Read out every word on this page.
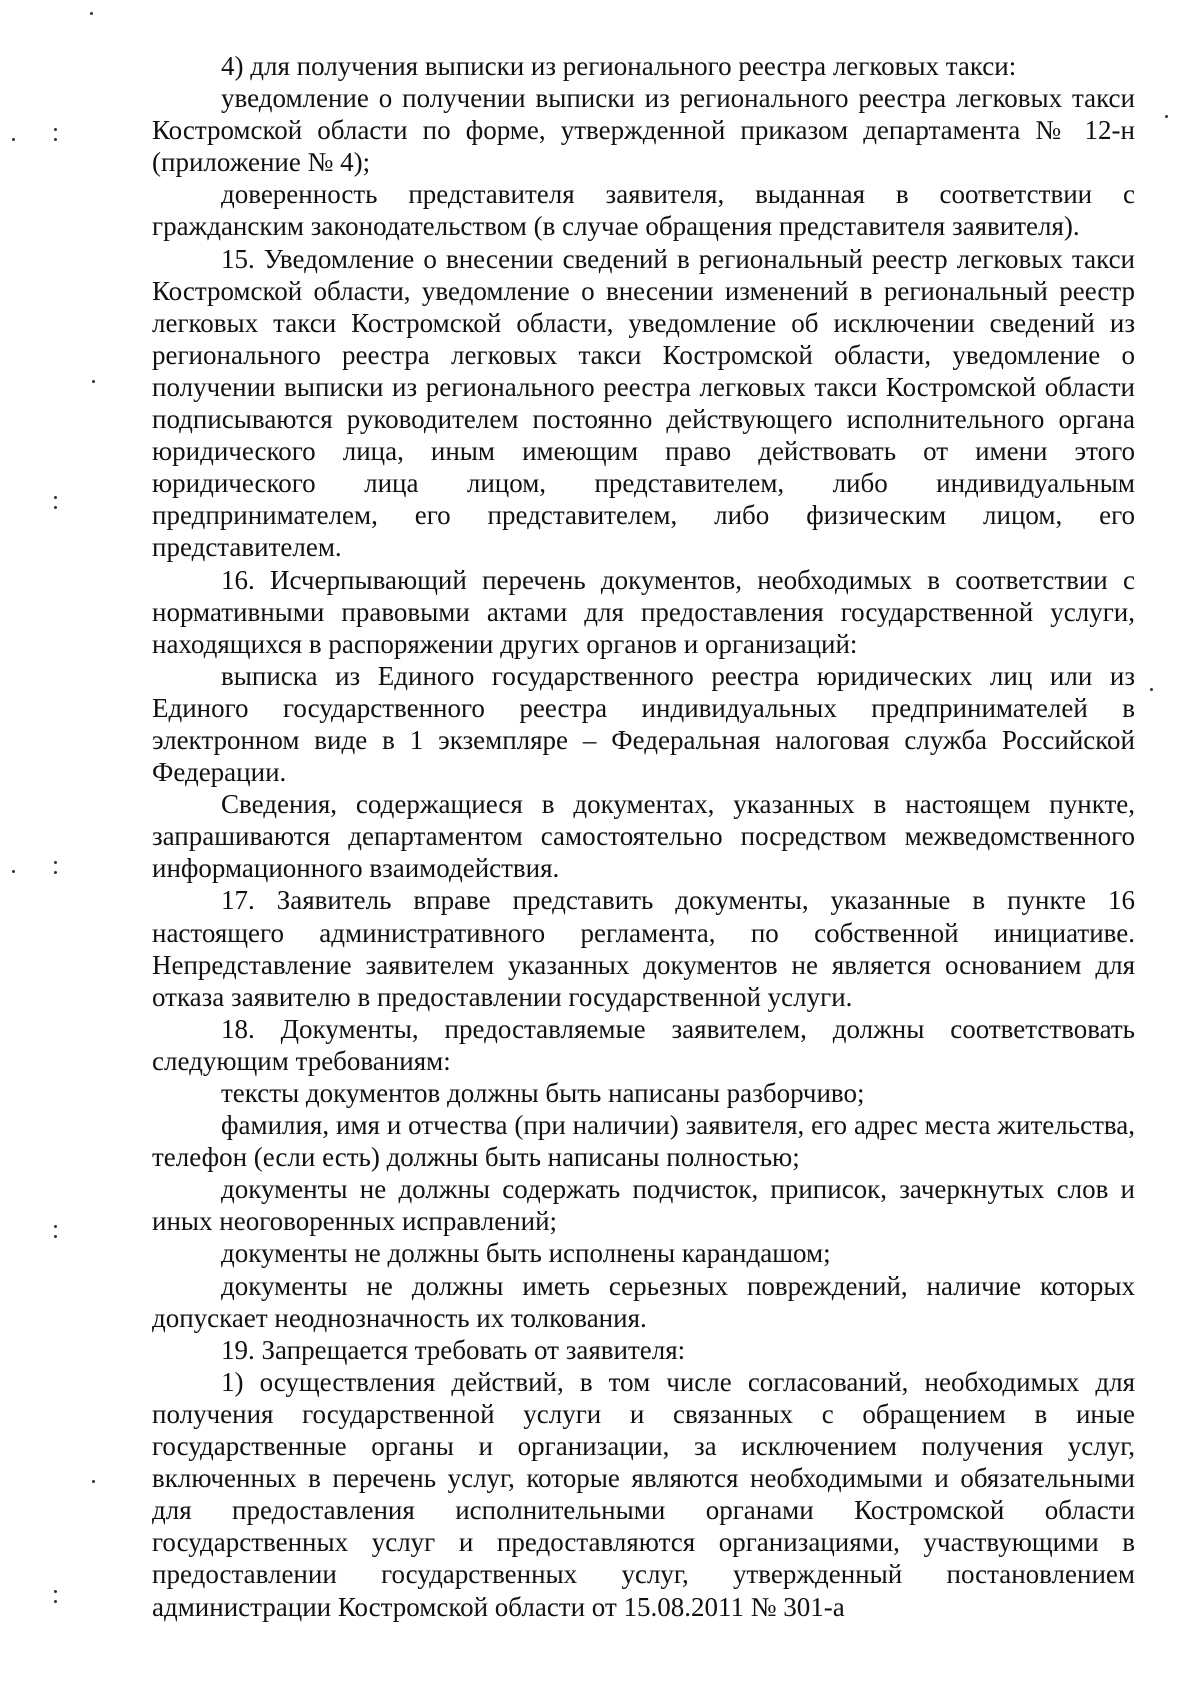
4) для получения выписки из регионального реестра легковых такси:

уведомление о получении выписки из регионального реестра легковых такси Костромской области по форме, утвержденной приказом департамента № 12-н (приложение № 4);

доверенность представителя заявителя, выданная в соответствии с гражданским законодательством (в случае обращения представителя заявителя).

15. Уведомление о внесении сведений в региональный реестр легковых такси Костромской области, уведомление о внесении изменений в региональный реестр легковых такси Костромской области, уведомление об исключении сведений из регионального реестра легковых такси Костромской области, уведомление о получении выписки из регионального реестра легковых такси Костромской области подписываются руководителем постоянно действующего исполнительного органа юридического лица, иным имеющим право действовать от имени этого юридического лица лицом, представителем, либо индивидуальным предпринимателем, его представителем, либо физическим лицом, его представителем.

16. Исчерпывающий перечень документов, необходимых в соответствии с нормативными правовыми актами для предоставления государственной услуги, находящихся в распоряжении других органов и организаций:

выписка из Единого государственного реестра юридических лиц или из Единого государственного реестра индивидуальных предпринимателей в электронном виде в 1 экземпляре – Федеральная налоговая служба Российской Федерации.

Сведения, содержащиеся в документах, указанных в настоящем пункте, запрашиваются департаментом самостоятельно посредством межведомственного информационного взаимодействия.

17. Заявитель вправе представить документы, указанные в пункте 16 настоящего административного регламента, по собственной инициативе. Непредставление заявителем указанных документов не является основанием для отказа заявителю в предоставлении государственной услуги.

18. Документы, предоставляемые заявителем, должны соответствовать следующим требованиям:

тексты документов должны быть написаны разборчиво;

фамилия, имя и отчества (при наличии) заявителя, его адрес места жительства, телефон (если есть) должны быть написаны полностью;

документы не должны содержать подчисток, приписок, зачеркнутых слов и иных неоговоренных исправлений;

документы не должны быть исполнены карандашом;

документы не должны иметь серьезных повреждений, наличие которых допускает неоднозначность их толкования.

19. Запрещается требовать от заявителя:

1) осуществления действий, в том числе согласований, необходимых для получения государственной услуги и связанных с обращением в иные государственные органы и организации, за исключением получения услуг, включенных в перечень услуг, которые являются необходимыми и обязательными для предоставления исполнительными органами Костромской области государственных услуг и предоставляются организациями, участвующими в предоставлении государственных услуг, утвержденный постановлением администрации Костромской области от 15.08.2011 № 301-а
